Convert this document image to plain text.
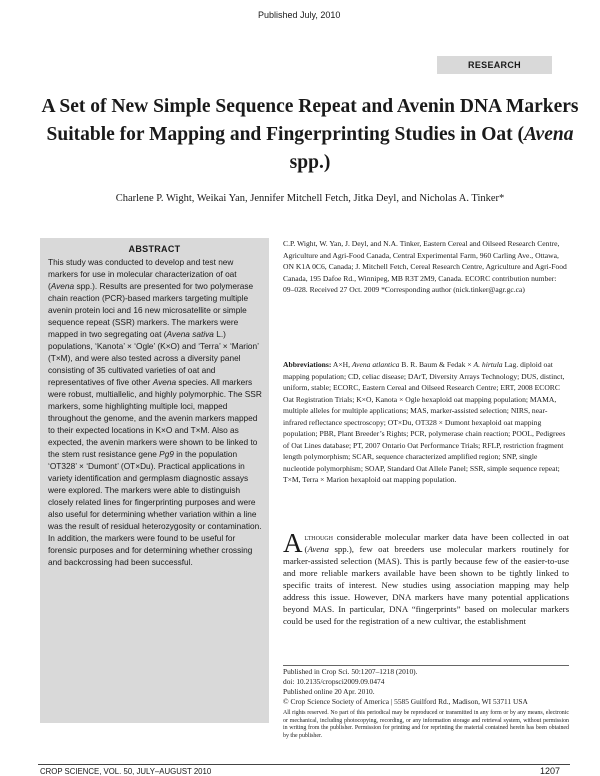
Published July, 2010
RESEARCH
A Set of New Simple Sequence Repeat and Avenin DNA Markers Suitable for Mapping and Fingerprinting Studies in Oat (Avena spp.)
Charlene P. Wight, Weikai Yan, Jennifer Mitchell Fetch, Jitka Deyl, and Nicholas A. Tinker*
ABSTRACT
This study was conducted to develop and test new markers for use in molecular characterization of oat (Avena spp.). Results are presented for two polymerase chain reaction (PCR)-based markers targeting multiple avenin protein loci and 16 new microsatellite or simple sequence repeat (SSR) markers. The markers were mapped in two segregating oat (Avena sativa L.) populations, ‘Kanota’ × ‘Ogle’ (K×O) and ‘Terra’ × ‘Marion’ (T×M), and were also tested across a diversity panel consisting of 35 cultivated varieties of oat and representatives of five other Avena species. All markers were robust, multiallelic, and highly polymorphic. The SSR markers, some highlighting multiple loci, mapped throughout the genome, and the avenin markers mapped to their expected locations in K×O and T×M. Also as expected, the avenin markers were shown to be linked to the stem rust resistance gene Pg9 in the population ‘OT328’ × ‘Dumont’ (OT×Du). Practical applications in variety identification and germplasm diagnostic assays were explored. The markers were able to distinguish closely related lines for fingerprinting purposes and were also useful for determining whether variation within a line was the result of residual heterozygosity or contamination. In addition, the markers were found to be useful for forensic purposes and for determining whether crossing and backcrossing had been successful.
C.P. Wight, W. Yan, J. Deyl, and N.A. Tinker, Eastern Cereal and Oilseed Research Centre, Agriculture and Agri-Food Canada, Central Experimental Farm, 960 Carling Ave., Ottawa, ON K1A 0C6, Canada; J. Mitchell Fetch, Cereal Research Centre, Agriculture and Agri-Food Canada, 195 Dafoe Rd., Winnipeg, MB R3T 2M9, Canada. ECORC contribution number: 09–028. Received 27 Oct. 2009 *Corresponding author (nick.tinker@agr.gc.ca)
Abbreviations: A×H, Avena atlantica B. R. Baum & Fedak × A. hirtula Lag. diploid oat mapping population; CD, celiac disease; DArT, Diversity Arrays Technology; DUS, distinct, uniform, stable; ECORC, Eastern Cereal and Oilseed Research Centre; ERT, 2008 ECORC Oat Registration Trials; K×O, Kanota × Ogle hexaploid oat mapping population; MAMA, multiple alleles for multiple applications; MAS, marker-assisted selection; NIRS, near-infrared reflectance spectroscopy; OT×Du, OT328 × Dumont hexaploid oat mapping population; PBR, Plant Breeder’s Rights; PCR, polymerase chain reaction; POOL, Pedigrees of Oat Lines database; PT, 2007 Ontario Oat Performance Trials; RFLP, restriction fragment length polymorphism; SCAR, sequence characterized amplified region; SNP, single nucleotide polymorphism; SOAP, Standard Oat Allele Panel; SSR, simple sequence repeat; T×M, Terra × Marion hexaploid oat mapping population.
Although considerable molecular marker data have been collected in oat (Avena spp.), few oat breeders use molecular markers routinely for marker-assisted selection (MAS). This is partly because few of the easier-to-use and more reliable markers available have been shown to be tightly linked to specific traits of interest. New studies using association mapping may help address this issue. However, DNA markers have many potential applications beyond MAS. In particular, DNA “fingerprints” based on molecular markers could be used for the registration of a new cultivar, the establishment
Published in Crop Sci. 50:1207–1218 (2010).
doi: 10.2135/cropsci2009.09.0474
Published online 20 Apr. 2010.
© Crop Science Society of America | 5585 Guilford Rd., Madison, WI 53711 USA
All rights reserved. No part of this periodical may be reproduced or transmitted in any form or by any means, electronic or mechanical, including photocopying, recording, or any information storage and retrieval system, without permission in writing from the publisher. Permission for printing and for reprinting the material contained herein has been obtained by the publisher.
CROP SCIENCE, VOL. 50, JULY–AUGUST 2010	1207
